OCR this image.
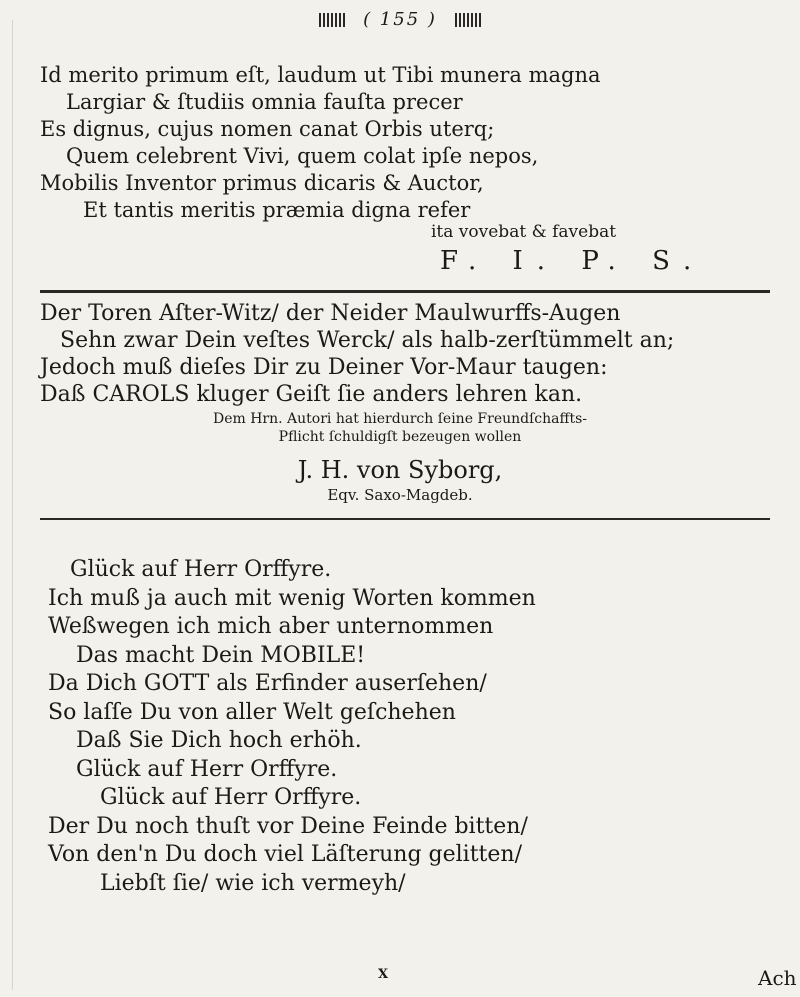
( 155 )
Id merito primum eſt, laudum ut Tibi munera magna
Largiar & ſtudiis omnia fauſta precer
Es dignus, cujus nomen canat Orbis uterq;
Quem celebrent Vivi, quem colat ipſe nepos,
Mobilis Inventor primus dicaris & Auctor,
Et tantis meritis præmia digna refer
ita vovebat & favebat
F. I. P. S.
Der Toren Aſter-Witz/ der Neider Maulwurffs-Augen
Sehn zwar Dein veſtes Werck/ als halb-zerſtümmelt an;
Jedoch muß dieſes Dir zu Deiner Vor-Maur taugen:
Daß CAROLS kluger Geiſt ſie anders lehren kan.
Dem Hrn. Autori hat hierdurch ſeine Freundſchaffts-
Pflicht ſchuldigſt bezeugen wollen
J. H. von Syborg,
Eqv. Saxo-Magdeb.
Glück auf Herr Orffyre.
Ich muß ja auch mit wenig Worten kommen
Weßwegen ich mich aber unternommen
Das macht Dein MOBILE!
Da Dich GOTT als Erfinder auserſehen/
So laſſe Du von aller Welt geſchehen
Daß Sie Dich hoch erhöh.
Glück auf Herr Orffyre.
Glück auf Herr Orffyre.
Der Du noch thuſt vor Deine Feinde bitten/
Von den'n Du doch viel Läſterung gelitten/
Liebſt ſie/ wie ich vermeyh/
X	Ach
